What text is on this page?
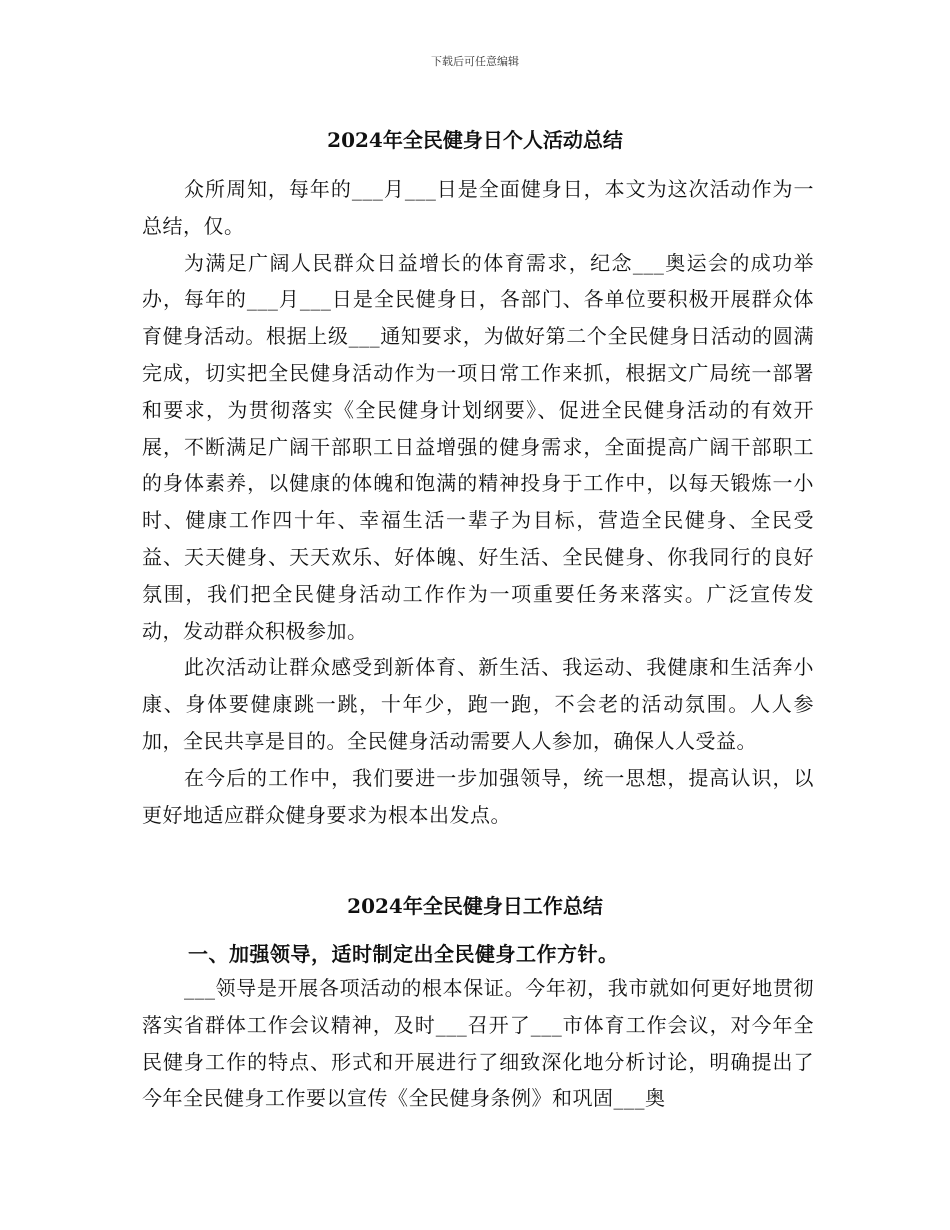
下载后可任意编辑
2024年全民健身日个人活动总结

众所周知，每年的___月___日是全面健身日，本文为这次活动作为一总结，仅。

为满足广阔人民群众日益增长的体育需求，纪念___奥运会的成功举办，每年的___月___日是全民健身日，各部门、各单位要积极开展群众体育健身活动。根据上级___通知要求，为做好第二个全民健身日活动的圆满完成，切实把全民健身活动作为一项日常工作来抓，根据文广局统一部署和要求，为贯彻落实《全民健身计划纲要》、促进全民健身活动的有效开展，不断满足广阔干部职工日益增强的健身需求，全面提高广阔干部职工的身体素养，以健康的体魄和饱满的精神投身于工作中，以每天锻炼一小时、健康工作四十年、幸福生活一辈子为目标，营造全民健身、全民受益、天天健身、天天欢乐、好体魄、好生活、全民健身、你我同行的良好氛围，我们把全民健身活动工作作为一项重要任务来落实。广泛宣传发动，发动群众积极参加。

此次活动让群众感受到新体育、新生活、我运动、我健康和生活奔小康、身体要健康跳一跳，十年少，跑一跑，不会老的活动氛围。人人参加，全民共享是目的。全民健身活动需要人人参加，确保人人受益。

在今后的工作中，我们要进一步加强领导，统一思想，提高认识，以更好地适应群众健身要求为根本出发点。

2024年全民健身日工作总结
一、加强领导，适时制定出全民健身工作方针。

___领导是开展各项活动的根本保证。今年初，我市就如何更好地贯彻落实省群体工作会议精神，及时___召开了___市体育工作会议，对今年全民健身工作的特点、形式和开展进行了细致深化地分析讨论，明确提出了今年全民健身工作要以宣传《全民健身条例》和巩固___奥
